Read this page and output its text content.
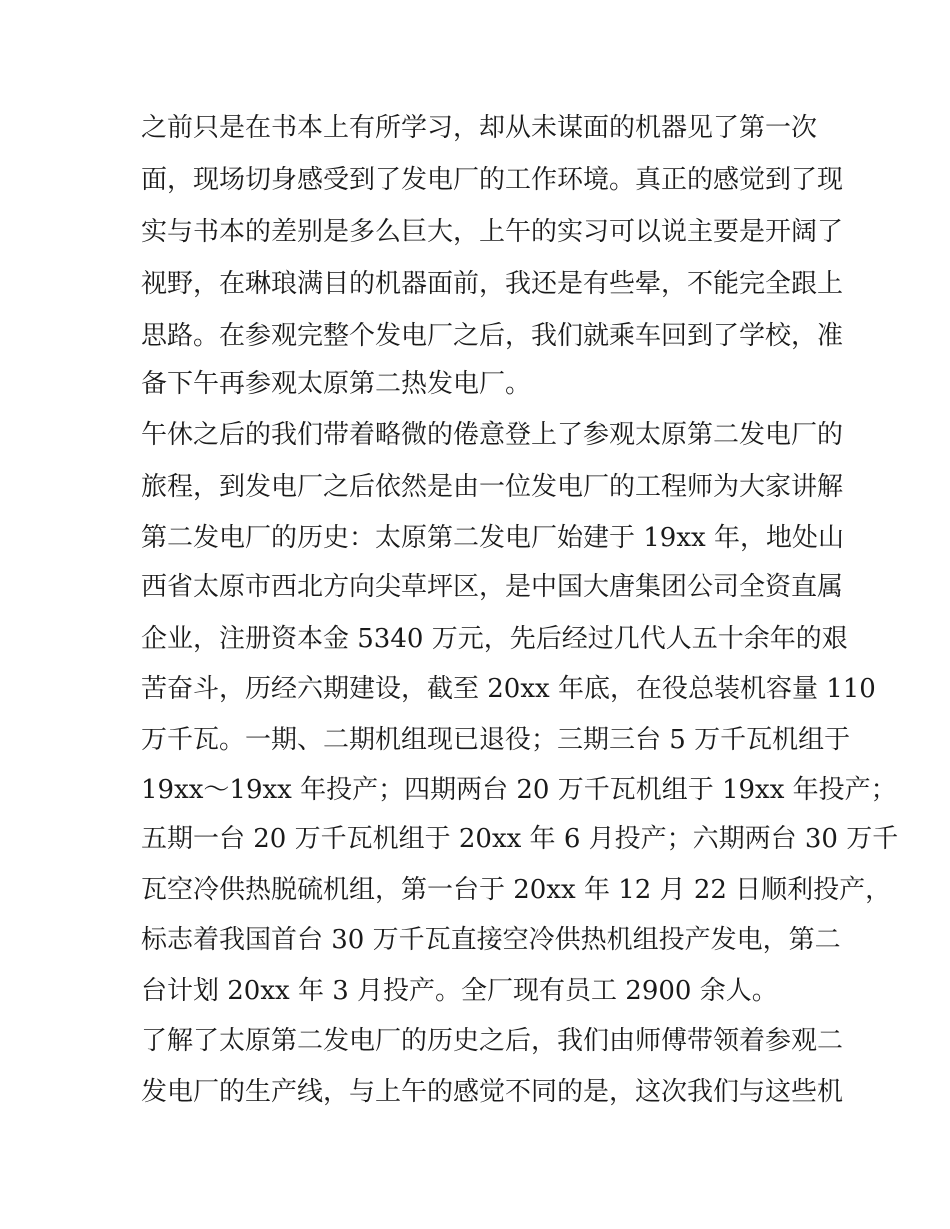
之前只是在书本上有所学习，却从未谋面的机器见了第一次
面，现场切身感受到了发电厂的工作环境。真正的感觉到了现
实与书本的差别是多么巨大，上午的实习可以说主要是开阔了
视野，在琳琅满目的机器面前，我还是有些晕，不能完全跟上
思路。在参观完整个发电厂之后，我们就乘车回到了学校，准
备下午再参观太原第二热发电厂。
午休之后的我们带着略微的倦意登上了参观太原第二发电厂的
旅程，到发电厂之后依然是由一位发电厂的工程师为大家讲解
第二发电厂的历史：太原第二发电厂始建于 19xx 年，地处山
西省太原市西北方向尖草坪区，是中国大唐集团公司全资直属
企业，注册资本金 5340 万元，先后经过几代人五十余年的艰
苦奋斗，历经六期建设，截至 20xx 年底，在役总装机容量 110
万千瓦。一期、二期机组现已退役；三期三台 5 万千瓦机组于
19xx～19xx 年投产；四期两台 20 万千瓦机组于 19xx 年投产；
五期一台 20 万千瓦机组于 20xx 年 6 月投产；六期两台 30 万千
瓦空冷供热脱硫机组，第一台于 20xx 年 12 月 22 日顺利投产，
标志着我国首台 30 万千瓦直接空冷供热机组投产发电，第二
台计划 20xx 年 3 月投产。全厂现有员工 2900 余人。
了解了太原第二发电厂的历史之后，我们由师傅带领着参观二
发电厂的生产线，与上午的感觉不同的是，这次我们与这些机
